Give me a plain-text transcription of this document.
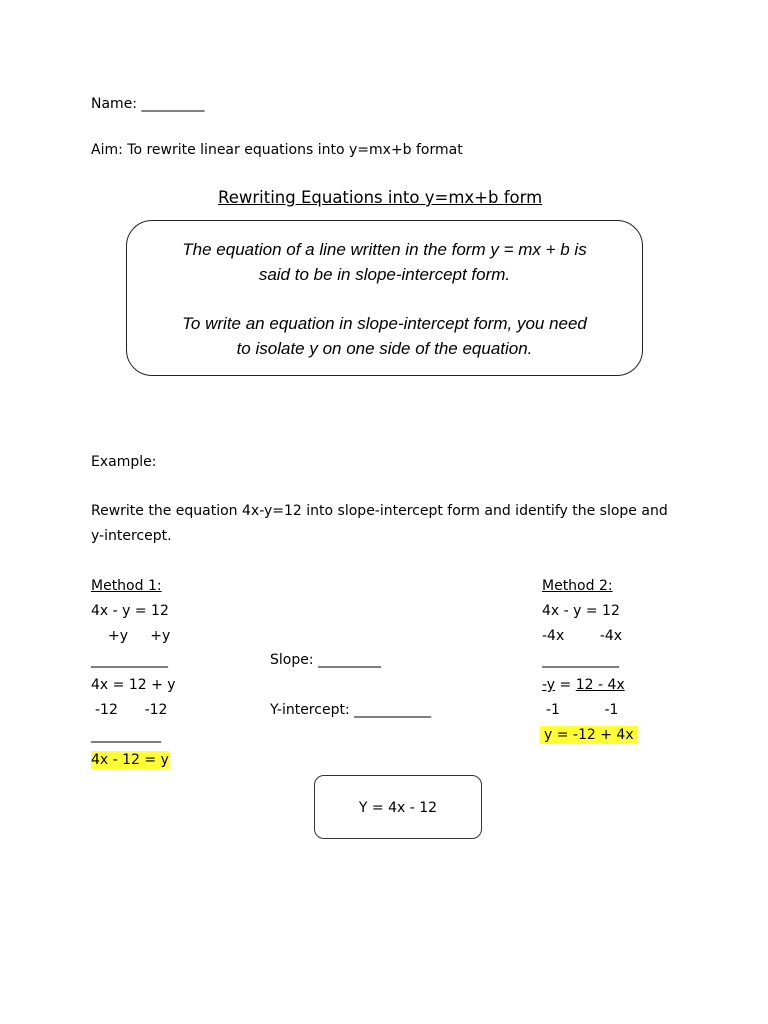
Name: _________
Aim: To rewrite linear equations into y=mx+b format
Rewriting Equations into y=mx+b form
The equation of a line written in the form y = mx + b is
said to be in slope-intercept form.
To write an equation in slope-intercept form, you need
to isolate y on one side of the equation.
Example:
Rewrite the equation 4x-y=12 into slope-intercept form and identify the slope and
y-intercept.
Method 1:
4x - y = 12
+y     +y
___________
4x = 12 + y
-12      -12
__________
4x - 12 = y
Slope: _________
Y-intercept: ___________
Method 2:
4x - y = 12
-4x        -4x
___________
-y = 12 - 4x
-1          -1
y = -12 + 4x
Y = 4x - 12
